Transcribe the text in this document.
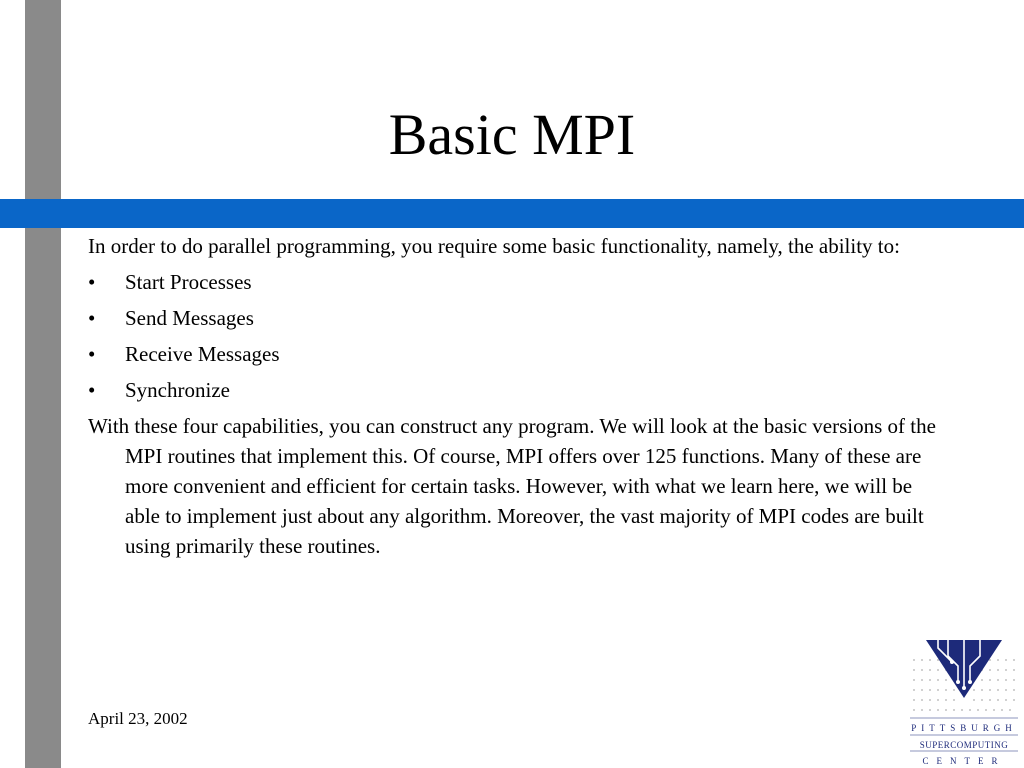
Basic MPI

In order to do parallel programming, you require some basic functionality, namely, the ability to:

• Start Processes
• Send Messages
• Receive Messages
• Synchronize

With these four capabilities, you can construct any program. We will look at the basic versions of the MPI routines that implement this. Of course, MPI offers over 125 functions. Many of these are more convenient and efficient for certain tasks. However, with what we learn here, we will be able to implement just about any algorithm. Moreover, the vast majority of MPI codes are built using primarily these routines.

April 23, 2002	PITTSBURGH
SUPERCOMPUTING
CENTER
